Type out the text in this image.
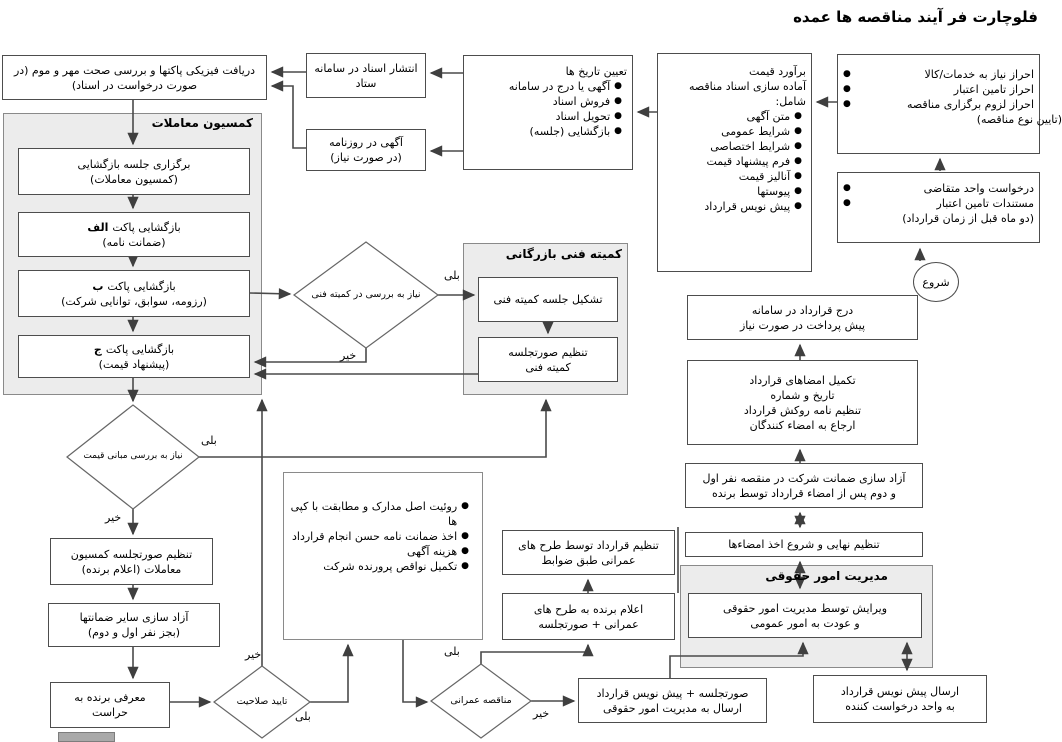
فلوچارت فر آیند مناقصه ها عمده
کمسیون معاملات
کمیته فنی بازرگانی
مدیریت امور حقوقی
●	احراز نیاز به خدمات/کالا
●	احراز تامین اعتبار
●	احراز لزوم برگزاری مناقصه
(تایین نوع مناقصه)
●	درخواست واحد متقاضی
●	مستندات تامین اعتبار
(دو ماه قبل از زمان قرارداد)
شروع
برآورد قیمت
آماده سازی اسناد مناقصه
شامل:
●
متن آگهی
●
شرایط عمومی
●
شرایط اختصاصی
●
فرم پیشنهاد قیمت
●
آنالیز قیمت
●
پیوستها
●
پیش نویس قرارداد
تعیین تاریخ ها
●
آگهی یا درج در سامانه
●
فروش اسناد
●
تحویل اسناد
●
بازگشایی (جلسه)
انتشار اسناد در سامانه ستاد
آگهی در روزنامه
(در صورت نیاز)
دریافت فیزیکی پاکتها و بررسی صحت مهر و موم (در صورت درخواست در اسناد)
برگزاری جلسه بازگشایی
(کمسیون معاملات)
بازگشایی پاکت
الف
(ضمانت نامه)
بازگشایی پاکت
ب
(رزومه، سوابق، توانایی شرکت)
بازگشایی پاکت
ج
(پیشنهاد قیمت)
تشکیل جلسه کمیته فنی
تنظیم صورتجلسه
کمیته فنی
نیاز به بررسی در کمیته فنی
نیاز به بررسی مبانی قیمت
تایید صلاحیت	مناقصه عمرانی
بلی
خیر
بلی
خیر
خیر
بلی
بلی
خیر
تنظیم صورتجلسه کمسیون معاملات (اعلام برنده)
آزاد سازی سایر ضمانتها
(بجز نفر اول و دوم)
معرفی برنده به
حراست
●
روئیت اصل مدارک و مطابقت با کپی ها
●
اخذ ضمانت نامه حسن انجام قرارداد
●
هزینه آگهی
●
تکمیل نواقص پرورنده شرکت
تنظیم قرارداد توسط طرح های
عمرانی طبق ضوابط
اعلام برنده به طرح های
عمرانی + صورتجلسه
صورتجلسه + پیش نویس قرارداد
ارسال به مدیریت امور حقوقی
درج قرارداد در سامانه
پیش پرداخت در صورت نیاز
تکمیل امضاهای قرارداد
تاریخ و شماره
تنظیم نامه روکش قرارداد
ارجاع به امضاء کنندگان
آزاد سازی ضمانت شرکت در منقصه نفر اول
و دوم پس از امضاء قرارداد توسط برنده
تنظیم نهایی و شروع اخذ امضاءها
ویرایش توسط مدیریت امور حقوقی
و عودت به امور عمومی
ارسال پیش نویس قرارداد
به واحد درخواست کننده
